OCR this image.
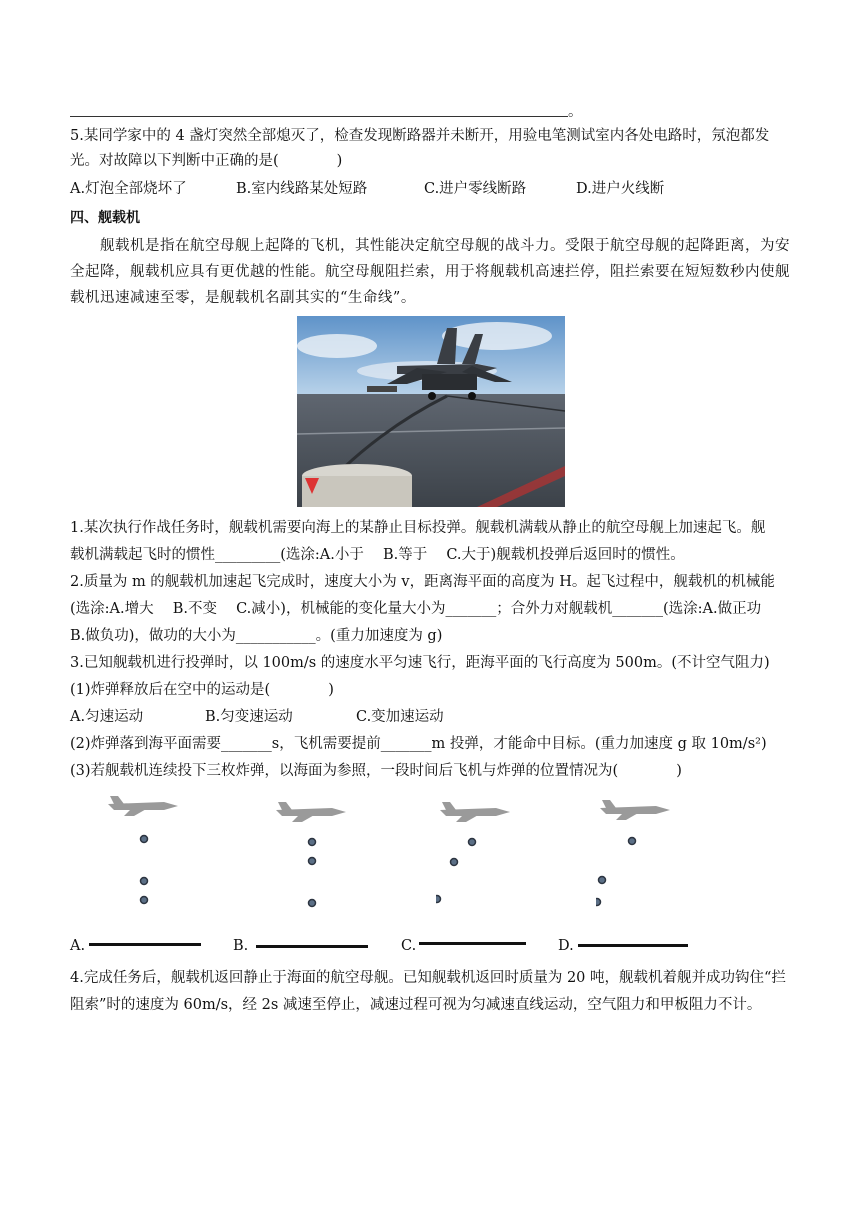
。
5.某同学家中的 4 盏灯突然全部熄灭了，检查发现断路器并未断开，用验电笔测试室内各处电路时，氖泡都发
光。对故障以下判断中正确的是(　　　　)
A.灯泡全部烧坏了	B.室内线路某处短路	C.进户零线断路	D.进户火线断
四、舰载机
舰载机是指在航空母舰上起降的飞机，其性能决定航空母舰的战斗力。受限于航空母舰的起降距离，为安
全起降，舰载机应具有更优越的性能。航空母舰阻拦索，用于将舰载机高速拦停，阻拦索要在短短数秒内使舰
载机迅速减速至零，是舰载机名副其实的“生命线”。
1.某次执行作战任务时，舰载机需要向海上的某静止目标投弹。舰载机满载从静止的航空母舰上加速起飞。舰
载机满载起飞时的惯性_________(选涂:A.小于　 B.等于　 C.大于)舰载机投弹后返回时的惯性。
2.质量为 m 的舰载机加速起飞完成时，速度大小为 v，距离海平面的高度为 H。起飞过程中，舰载机的机械能
(选涂:A.增大　 B.不变　 C.减小)，机械能的变化量大小为_______；合外力对舰载机_______(选涂:A.做正功
B.做负功)，做功的大小为___________。(重力加速度为 g)
3.已知舰载机进行投弹时，以 100m/s 的速度水平匀速飞行，距海平面的飞行高度为 500m。(不计空气阻力)
(1)炸弹释放后在空中的运动是(　　　　)
A.匀速运动	B.匀变速运动	C.变加速运动
(2)炸弹落到海平面需要_______s，飞机需要提前_______m 投弹，才能命中目标。(重力加速度 g 取 10m/s²)
(3)若舰载机连续投下三枚炸弹，以海面为参照，一段时间后飞机与炸弹的位置情况为(　　　　)
A.	B.	C.	D.
4.完成任务后，舰载机返回静止于海面的航空母舰。已知舰载机返回时质量为 20 吨，舰载机着舰并成功钩住“拦
阻索”时的速度为 60m/s，经 2s 减速至停止，减速过程可视为匀减速直线运动，空气阻力和甲板阻力不计。
